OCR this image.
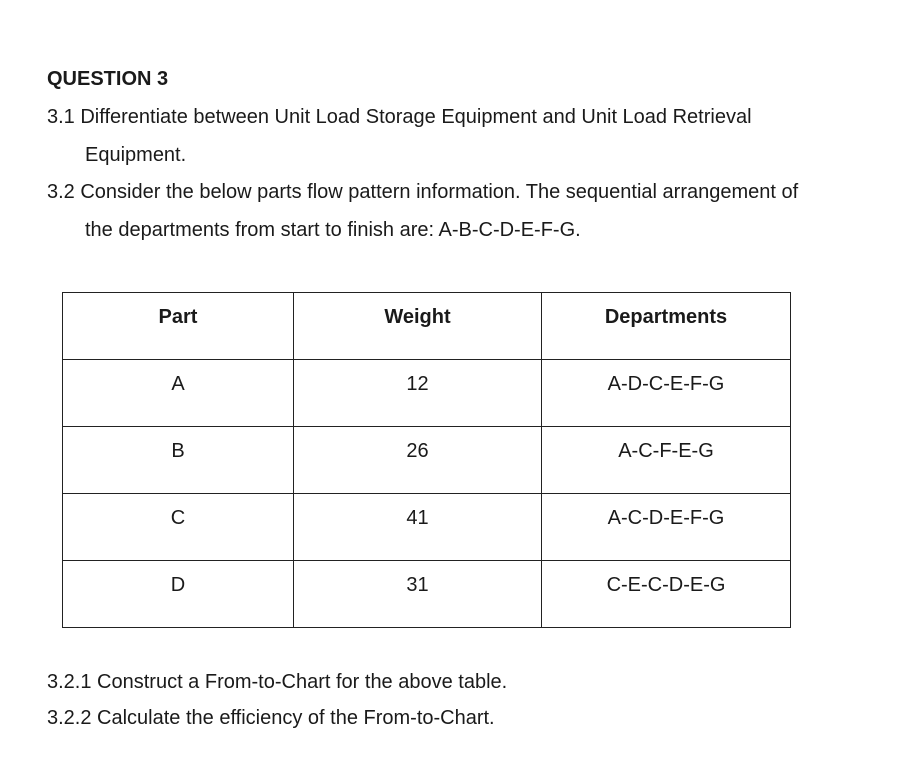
QUESTION 3

3.1 Differentiate between Unit Load Storage Equipment and Unit Load Retrieval
Equipment.

3.2 Consider the below parts flow pattern information. The sequential arrangement of
the departments from start to finish are: A-B-C-D-E-F-G.

Part	Weight	Departments
A	12	A-D-C-E-F-G
B	26	A-C-F-E-G
C	41	A-C-D-E-F-G
D	31	C-E-C-D-E-G

3.2.1 Construct a From-to-Chart for the above table.

3.2.2 Calculate the efficiency of the From-to-Chart.
